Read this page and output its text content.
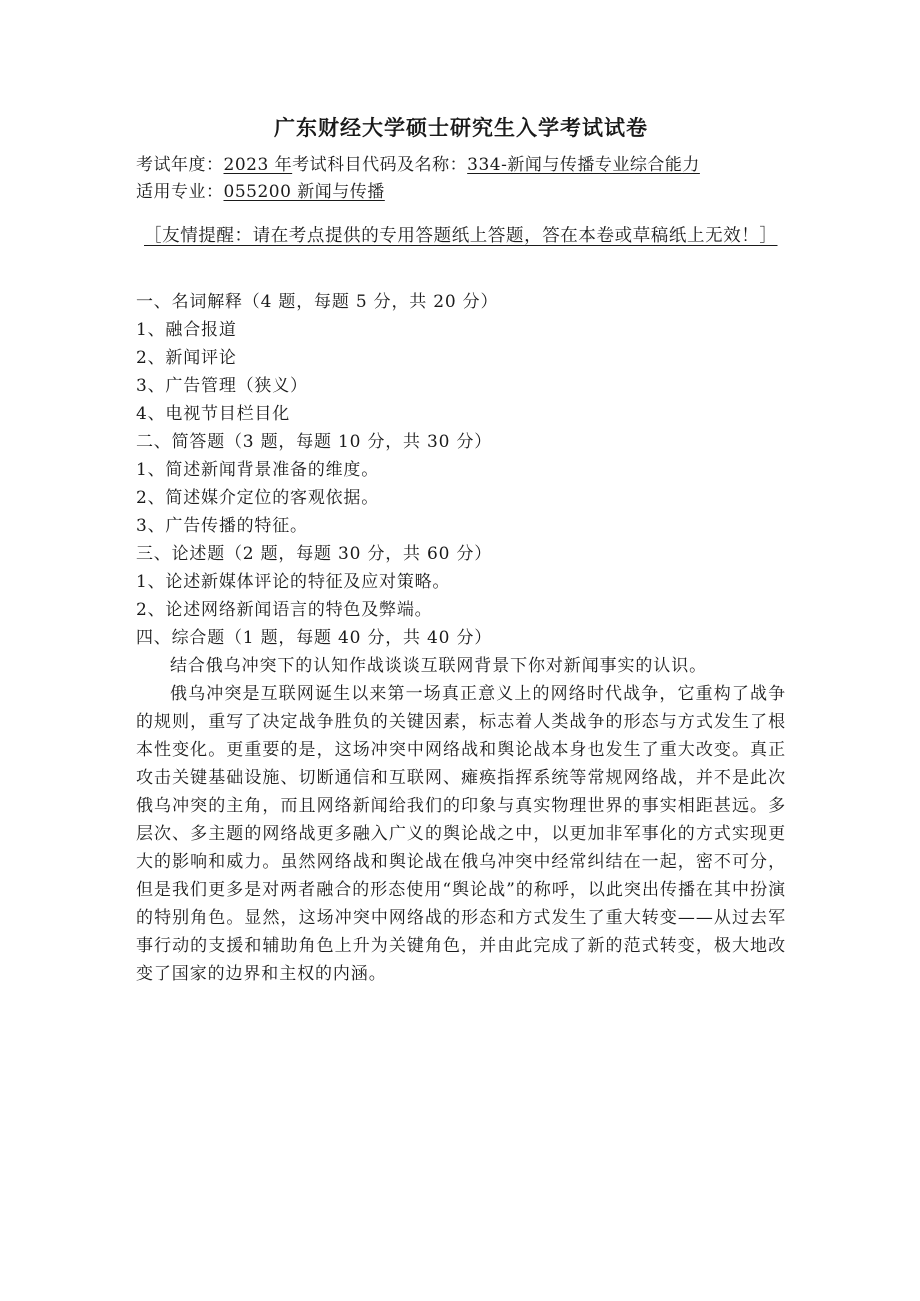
广东财经大学硕士研究生入学考试试卷
考试年度：2023 年考试科目代码及名称：334-新闻与传播专业综合能力
适用专业：055200 新闻与传播
［友情提醒：请在考点提供的专用答题纸上答题，答在本卷或草稿纸上无效！］
一、名词解释（4 题，每题 5 分，共 20 分）
1、融合报道
2、新闻评论
3、广告管理（狭义）
4、电视节目栏目化
二、简答题（3 题，每题 10 分，共 30 分）
1、简述新闻背景准备的维度。
2、简述媒介定位的客观依据。
3、广告传播的特征。
三、论述题（2 题，每题 30 分，共 60 分）
1、论述新媒体评论的特征及应对策略。
2、论述网络新闻语言的特色及弊端。
四、综合题（1 题，每题 40 分，共 40 分）

结合俄乌冲突下的认知作战谈谈互联网背景下你对新闻事实的认识。

俄乌冲突是互联网诞生以来第一场真正意义上的网络时代战争，它重构了战争的规则，重写了决定战争胜负的关键因素，标志着人类战争的形态与方式发生了根本性变化。更重要的是，这场冲突中网络战和舆论战本身也发生了重大改变。真正攻击关键基础设施、切断通信和互联网、瘫痪指挥系统等常规网络战，并不是此次俄乌冲突的主角，而且网络新闻给我们的印象与真实物理世界的事实相距甚远。多层次、多主题的网络战更多融入广义的舆论战之中，以更加非军事化的方式实现更大的影响和威力。虽然网络战和舆论战在俄乌冲突中经常纠结在一起，密不可分，但是我们更多是对两者融合的形态使用“舆论战”的称呼，以此突出传播在其中扮演的特别角色。显然，这场冲突中网络战的形态和方式发生了重大转变——从过去军事行动的支援和辅助角色上升为关键角色，并由此完成了新的范式转变，极大地改变了国家的边界和主权的内涵。
